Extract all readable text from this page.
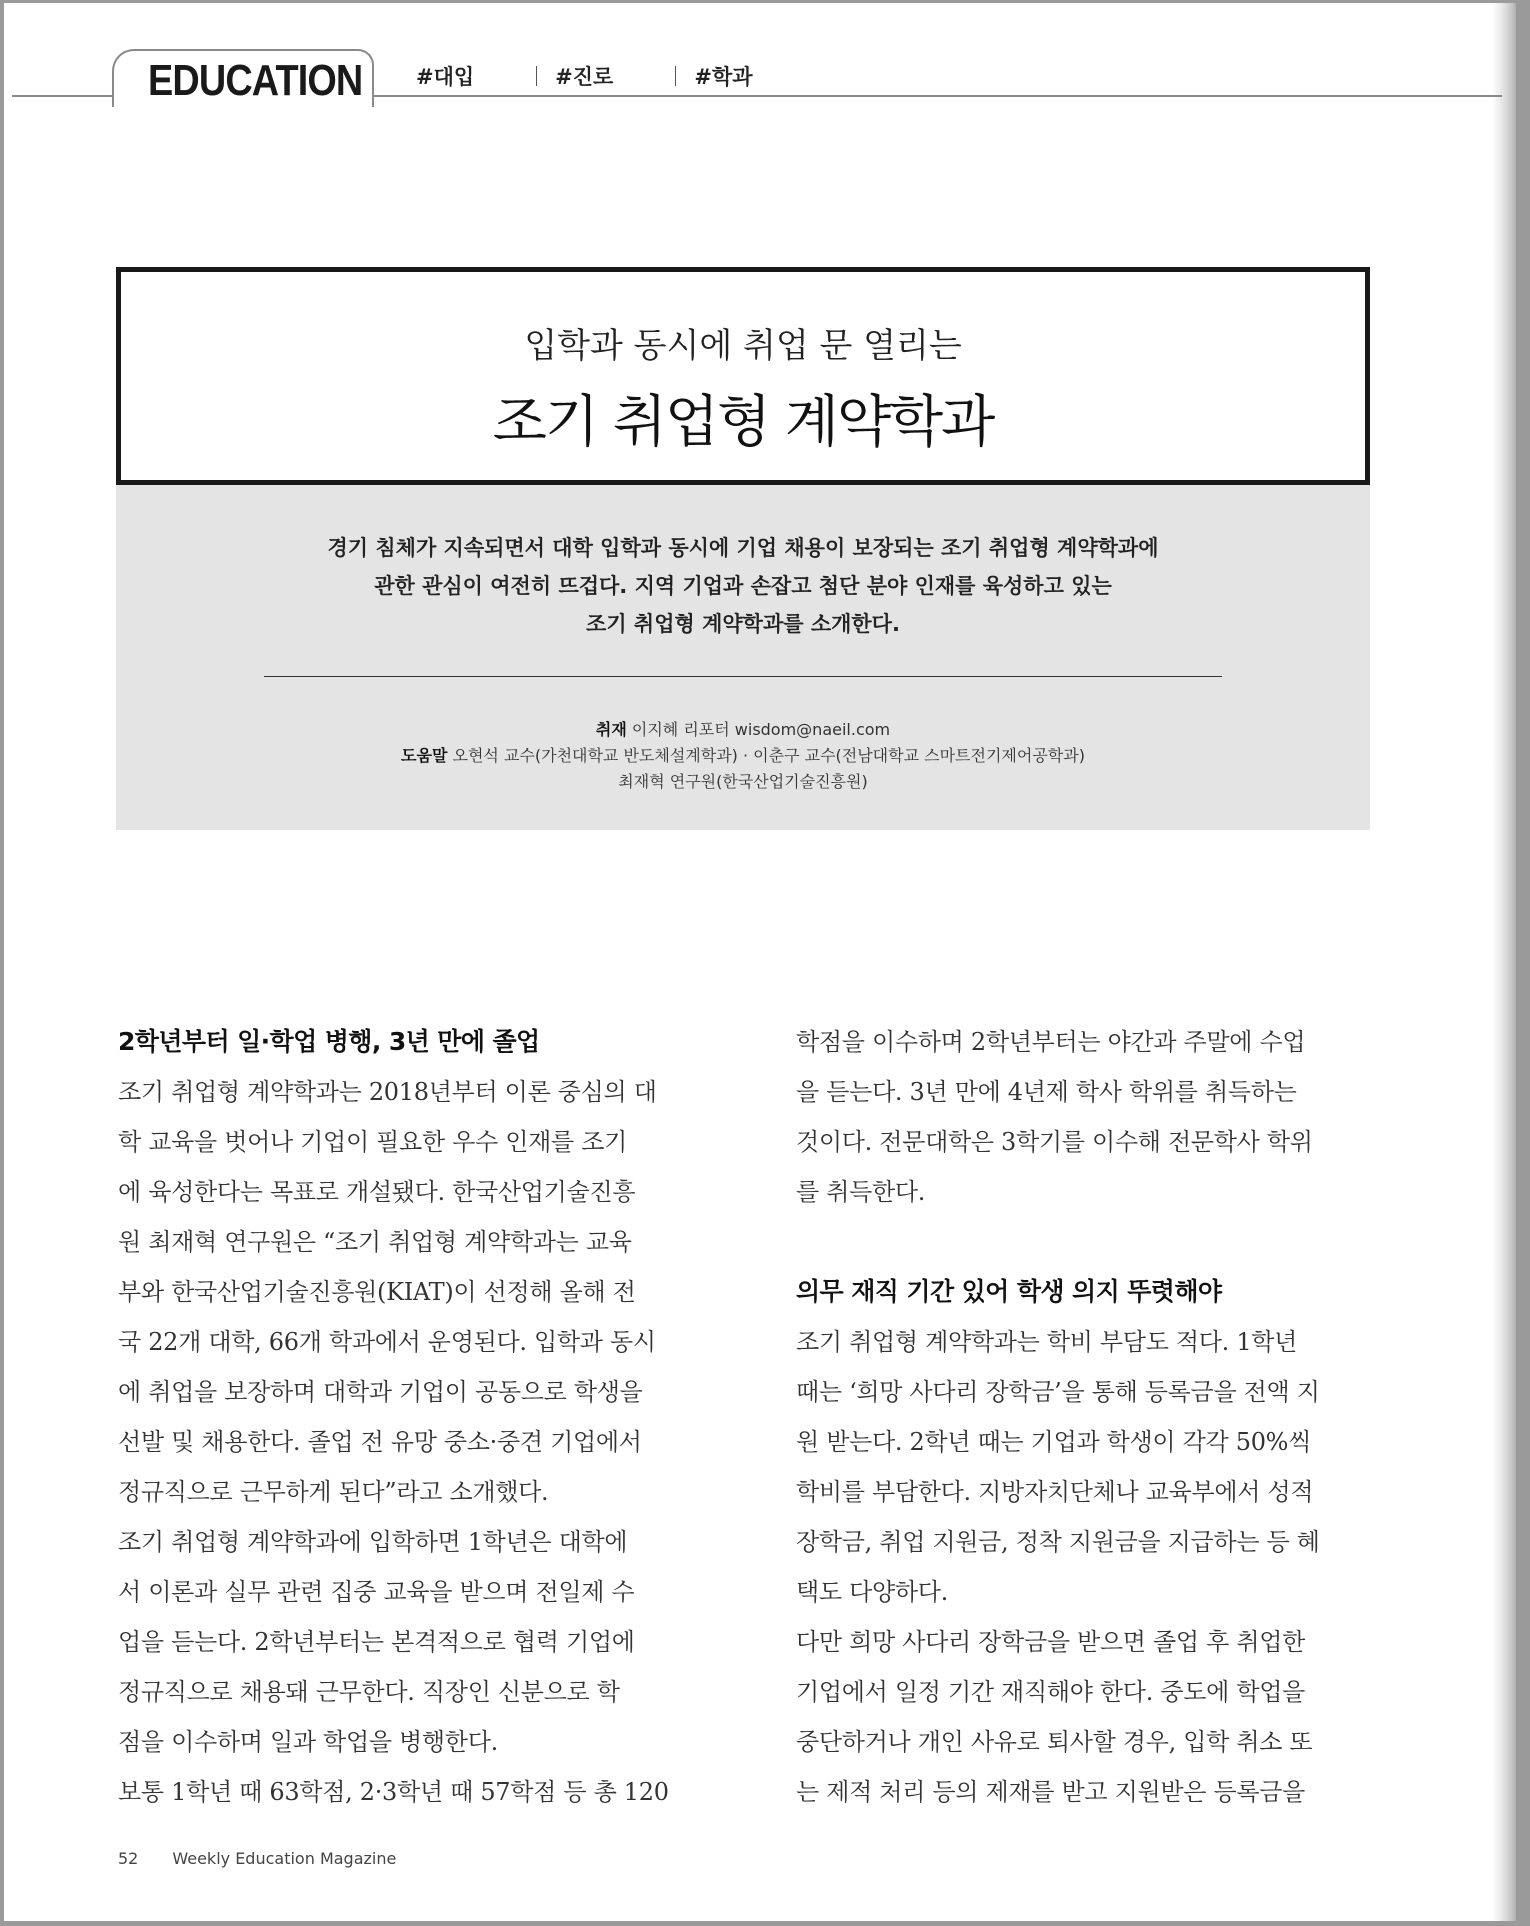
EDUCATION	#대입	#진로	#학과
입학과 동시에 취업 문 열리는
조기 취업형 계약학과
경기 침체가 지속되면서 대학 입학과 동시에 기업 채용이 보장되는 조기 취업형 계약학과에
관한 관심이 여전히 뜨겁다. 지역 기업과 손잡고 첨단 분야 인재를 육성하고 있는
조기 취업형 계약학과를 소개한다.
취재 이지혜 리포터 wisdom@naeil.com
도움말 오현석 교수(가천대학교 반도체설계학과) · 이춘구 교수(전남대학교 스마트전기제어공학과)
최재혁 연구원(한국산업기술진흥원)
2학년부터 일·학업 병행, 3년 만에 졸업
조기 취업형 계약학과는 2018년부터 이론 중심의 대
학 교육을 벗어나 기업이 필요한 우수 인재를 조기
에 육성한다는 목표로 개설됐다. 한국산업기술진흥
원 최재혁 연구원은 “조기 취업형 계약학과는 교육
부와 한국산업기술진흥원(KIAT)이 선정해 올해 전
국 22개 대학, 66개 학과에서 운영된다. 입학과 동시
에 취업을 보장하며 대학과 기업이 공동으로 학생을
선발 및 채용한다. 졸업 전 유망 중소·중견 기업에서
정규직으로 근무하게 된다”라고 소개했다.
조기 취업형 계약학과에 입학하면 1학년은 대학에
서 이론과 실무 관련 집중 교육을 받으며 전일제 수
업을 듣는다. 2학년부터는 본격적으로 협력 기업에
정규직으로 채용돼 근무한다. 직장인 신분으로 학
점을 이수하며 일과 학업을 병행한다.
보통 1학년 때 63학점, 2·3학년 때 57학점 등 총 120
학점을 이수하며 2학년부터는 야간과 주말에 수업
을 듣는다. 3년 만에 4년제 학사 학위를 취득하는
것이다. 전문대학은 3학기를 이수해 전문학사 학위
를 취득한다.
의무 재직 기간 있어 학생 의지 뚜렷해야
조기 취업형 계약학과는 학비 부담도 적다. 1학년
때는 ‘희망 사다리 장학금’을 통해 등록금을 전액 지
원 받는다. 2학년 때는 기업과 학생이 각각 50%씩
학비를 부담한다. 지방자치단체나 교육부에서 성적
장학금, 취업 지원금, 정착 지원금을 지급하는 등 혜
택도 다양하다.
다만 희망 사다리 장학금을 받으면 졸업 후 취업한
기업에서 일정 기간 재직해야 한다. 중도에 학업을
중단하거나 개인 사유로 퇴사할 경우, 입학 취소 또
는 제적 처리 등의 제재를 받고 지원받은 등록금을
52 Weekly Education Magazine
